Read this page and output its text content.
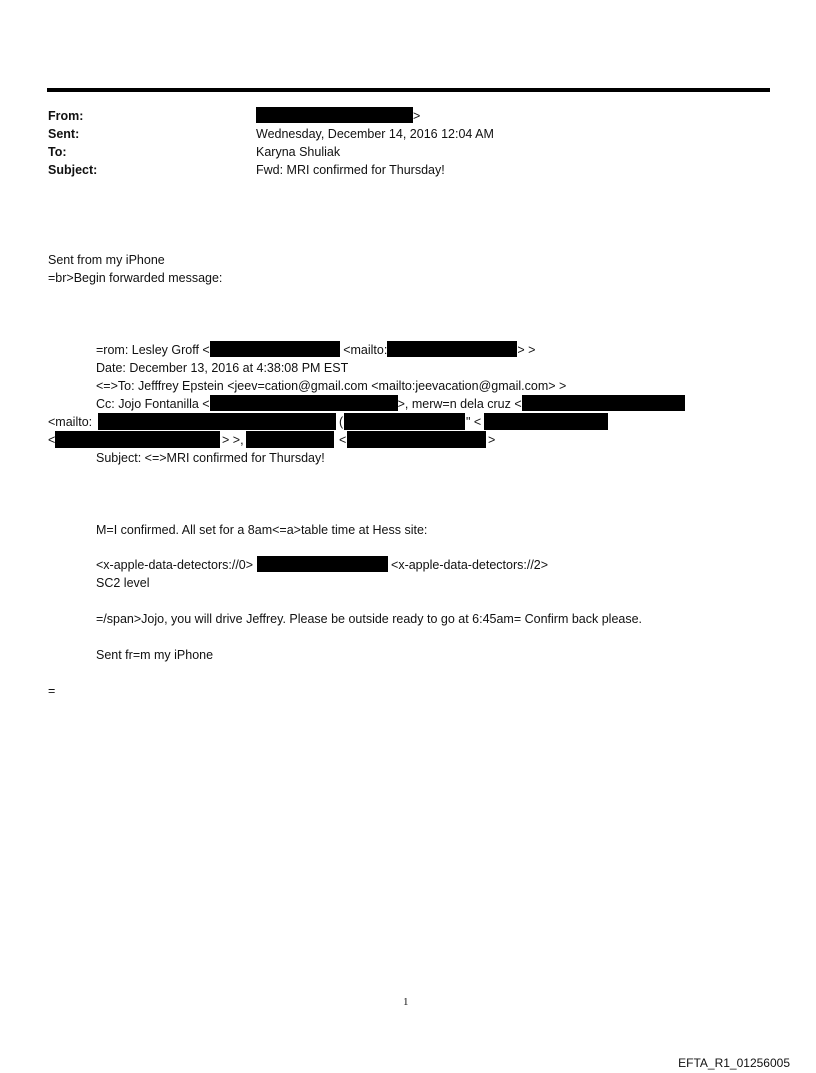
From:	>
Sent:	Wednesday, December 14, 2016 12:04 AM
To:	Karyna Shuliak
Subject:	Fwd: MRI confirmed for Thursday!
Sent from my iPhone
=br>Begin forwarded message:
=rom: Lesley Groff <	<mailto:	> >
Date: December 13, 2016 at 4:38:08 PM EST
<=>To: Jefffrey Epstein <jeev=cation@gmail.com <mailto:jeevacation@gmail.com> >
Cc: Jojo Fontanilla <	>, merw=n dela cruz <
<mailto:	(	" <
<	> >,	<	>
Subject: <=>MRI confirmed for Thursday!
M=I confirmed. All set for a 8am<=a>table time at Hess site:
<x-apple-data-detectors://0>	<x-apple-data-detectors://2>
SC2 level
=/span>Jojo, you will drive Jeffrey. Please be outside ready to go at 6:45am= Confirm back please.
Sent fr=m my iPhone
=
1
EFTA_R1_01256005
